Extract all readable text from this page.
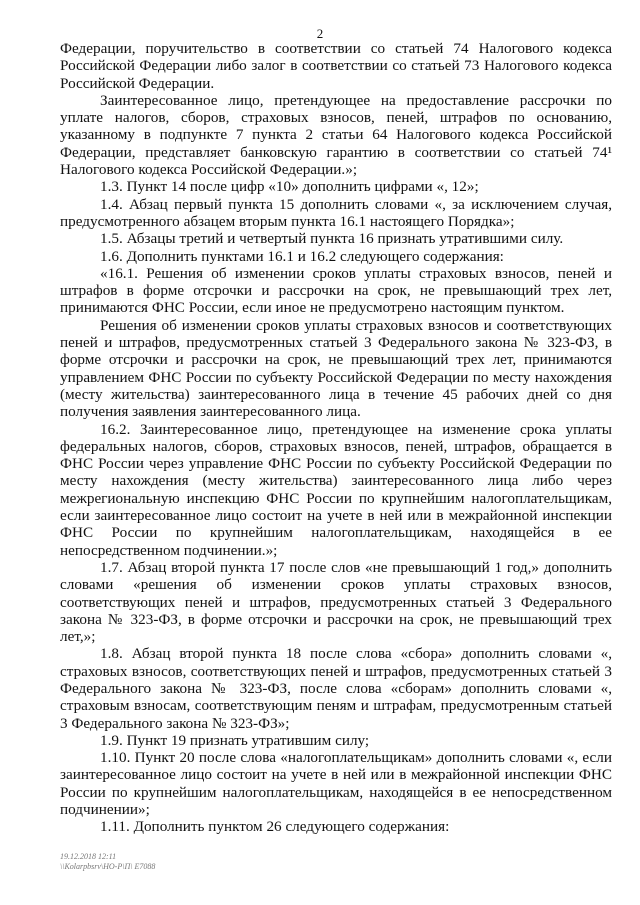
2

Федерации, поручительство в соответствии со статьей 74 Налогового кодекса Российской Федерации либо залог в соответствии со статьей 73 Налогового кодекса Российской Федерации.

Заинтересованное лицо, претендующее на предоставление рассрочки по уплате налогов, сборов, страховых взносов, пеней, штрафов по основанию, указанному в подпункте 7 пункта 2 статьи 64 Налогового кодекса Российской Федерации, представляет банковскую гарантию в соответствии со статьей 74¹ Налогового кодекса Российской Федерации.»;

1.3. Пункт 14 после цифр «10» дополнить цифрами «, 12»;

1.4. Абзац первый пункта 15 дополнить словами «, за исключением случая, предусмотренного абзацем вторым пункта 16.1 настоящего Порядка»;

1.5. Абзацы третий и четвертый пункта 16 признать утратившими силу.

1.6. Дополнить пунктами 16.1 и 16.2 следующего содержания:

«16.1. Решения об изменении сроков уплаты страховых взносов, пеней и штрафов в форме отсрочки и рассрочки на срок, не превышающий трех лет, принимаются ФНС России, если иное не предусмотрено настоящим пунктом.

Решения об изменении сроков уплаты страховых взносов и соответствующих пеней и штрафов, предусмотренных статьей 3 Федерального закона № 323-ФЗ, в форме отсрочки и рассрочки на срок, не превышающий трех лет, принимаются управлением ФНС России по субъекту Российской Федерации по месту нахождения (месту жительства) заинтересованного лица в течение 45 рабочих дней со дня получения заявления заинтересованного лица.

16.2. Заинтересованное лицо, претендующее на изменение срока уплаты федеральных налогов, сборов, страховых взносов, пеней, штрафов, обращается в ФНС России через управление ФНС России по субъекту Российской Федерации по месту нахождения (месту жительства) заинтересованного лица либо через межрегиональную инспекцию ФНС России по крупнейшим налогоплательщикам, если заинтересованное лицо состоит на учете в ней или в межрайонной инспекции ФНС России по крупнейшим налогоплательщикам, находящейся в ее непосредственном подчинении.»;

1.7. Абзац второй пункта 17 после слов «не превышающий 1 год,» дополнить словами «решения об изменении сроков уплаты страховых взносов, соответствующих пеней и штрафов, предусмотренных статьей 3 Федерального закона № 323-ФЗ, в форме отсрочки и рассрочки на срок, не превышающий трех лет,»;

1.8. Абзац второй пункта 18 после слова «сбора» дополнить словами «, страховых взносов, соответствующих пеней и штрафов, предусмотренных статьей 3 Федерального закона № 323-ФЗ, после слова «сборам» дополнить словами «, страховым взносам, соответствующим пеням и штрафам, предусмотренным статьей 3 Федерального закона № 323-ФЗ»;

1.9. Пункт 19 признать утратившим силу;

1.10. Пункт 20 после слова «налогоплательщикам» дополнить словами «, если заинтересованное лицо состоит на учете в ней или в межрайонной инспекции ФНС России по крупнейшим налогоплательщикам, находящейся в ее непосредственном подчинении»;

1.11. Дополнить пунктом 26 следующего содержания:

19.12.2018 12:11
\\Kolarpbsrv\HO-P\П\ E7088
